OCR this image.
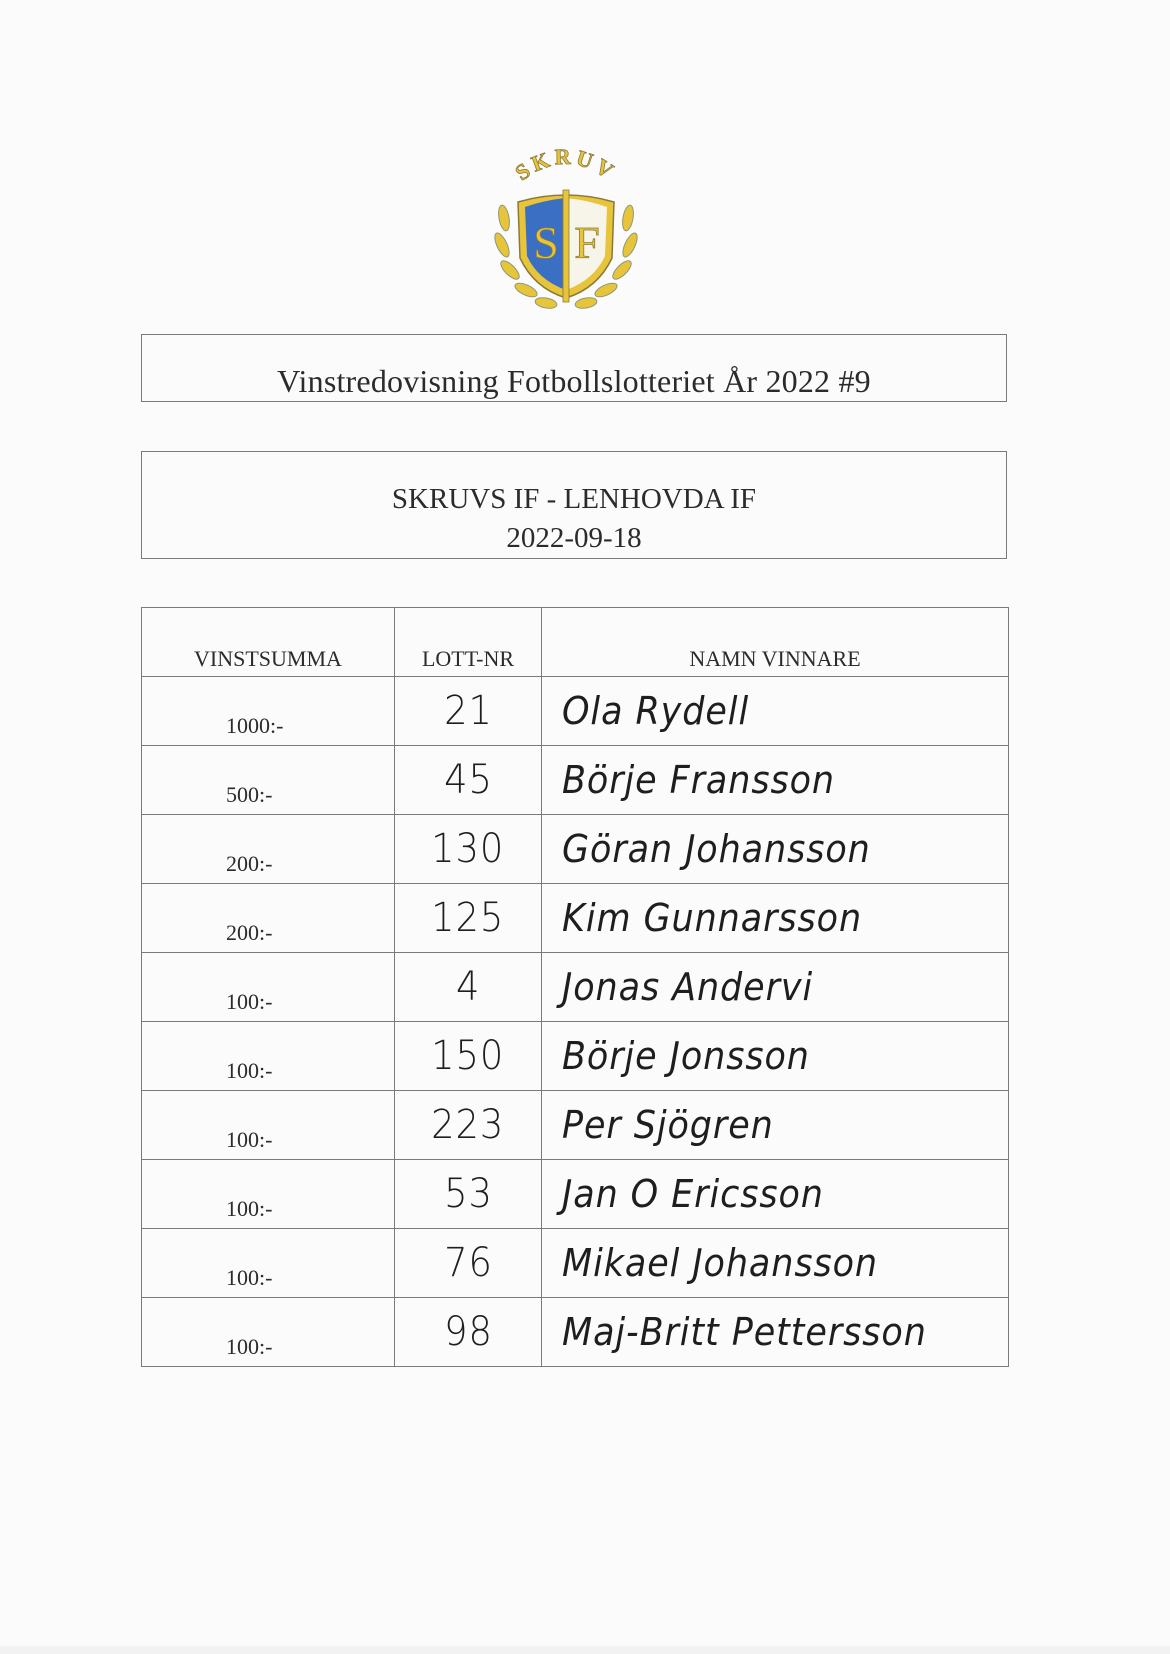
SKRUV
S F
Vinstredovisning Fotbollslotteriet År 2022 #9
SKRUVS IF - LENHOVDA IF
2022-09-18
VINSTSUMMA	LOTT-NR	NAMN VINNARE
1000:-	21	Ola Rydell
500:-	45	Börje Fransson
200:-	130	Göran Johansson
200:-	125	Kim Gunnarsson
100:-	4	Jonas Andervi
100:-	150	Börje Jonsson
100:-	223	Per Sjögren
100:-	53	Jan O Ericsson
100:-	76	Mikael Johansson
100:-	98	Maj-Britt Pettersson
